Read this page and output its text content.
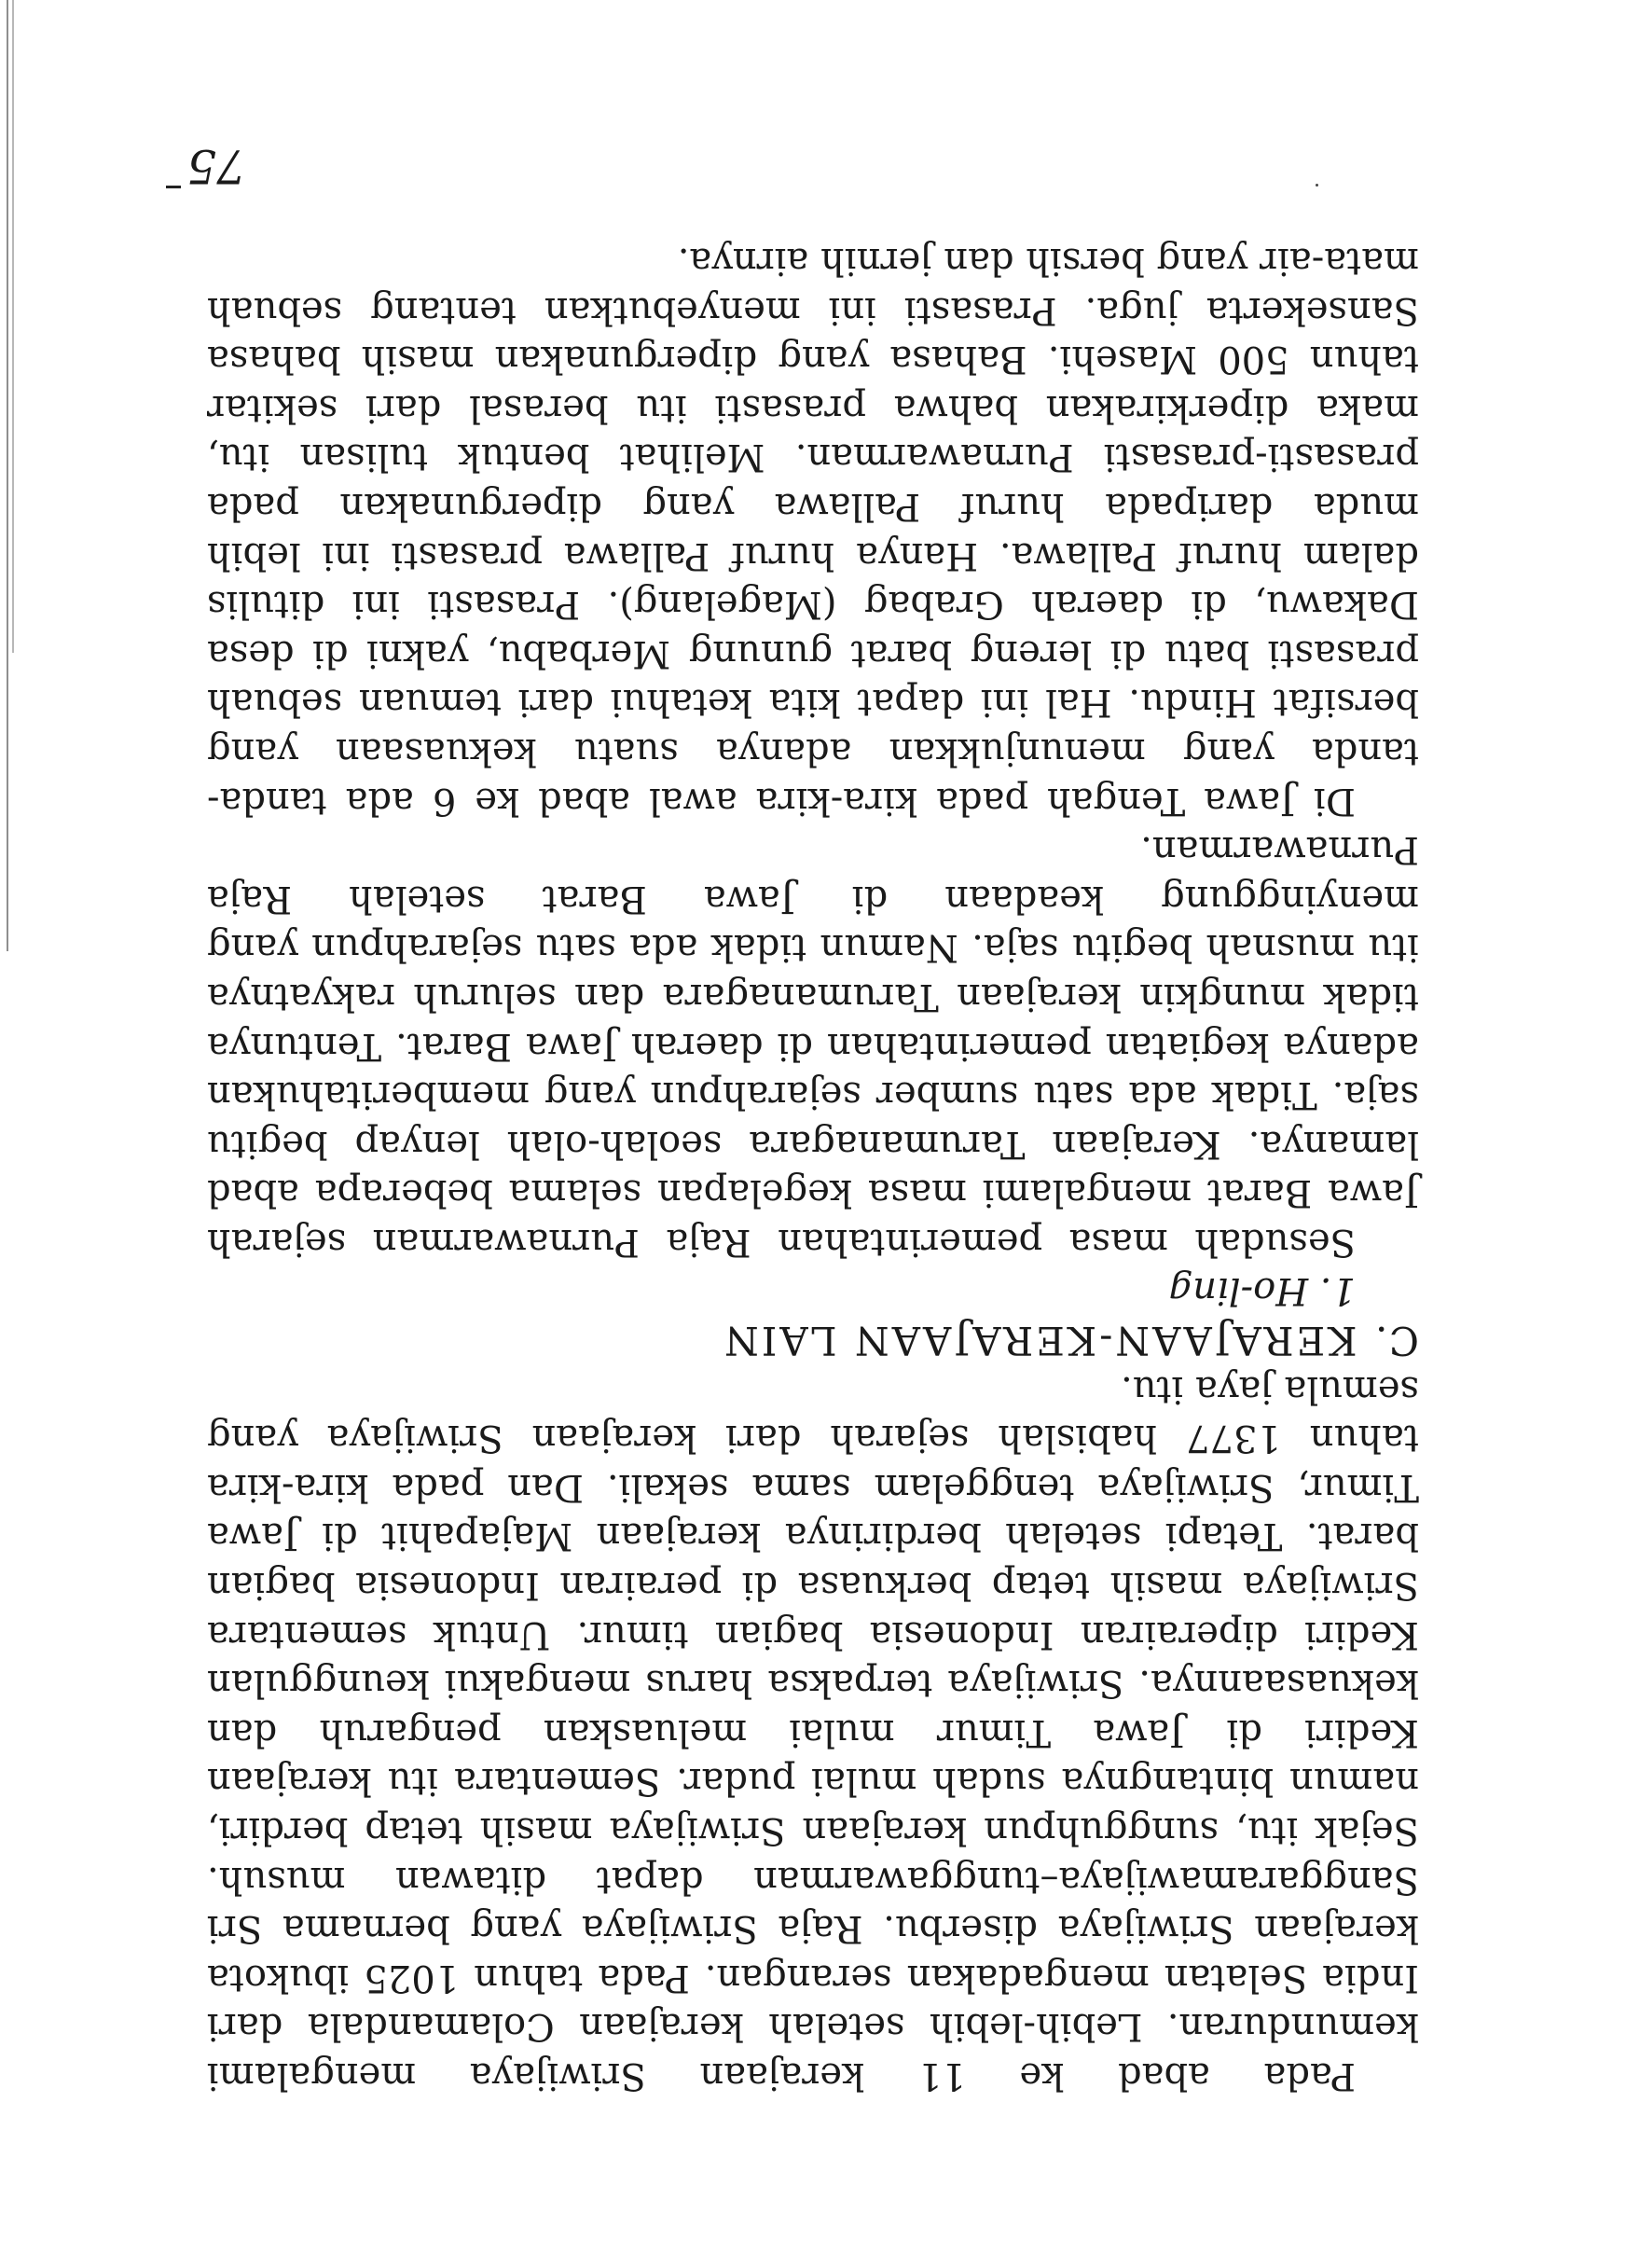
Pada abad ke 11 kerajaan Sriwijaya mengalami kemunduran. Lebih-lebih setelah kerajaan Colamandala dari India Selatan mengadakan serangan. Pada tahun 1025 ibukota kerajaan Sriwijaya diserbu. Raja Sriwijaya yang bernama Sri Sanggaramawijaya–tunggawarman dapat ditawan musuh. Sejak itu, sungguhpun kerajaan Sriwijaya masih tetap berdiri, namun bintangnya sudah mulai pudar. Sementara itu kerajaan Kediri di Jawa Timur mulai meluaskan pengaruh dan kekuasaannya. Sriwijaya terpaksa harus mengakui keunggulan Kediri diperairan Indonesia bagian timur. Untuk sementara Sriwijaya masih tetap berkuasa di perairan Indonesia bagian barat. Tetapi setelah berdirinya kerajaan Majapahit di Jawa Timur, Sriwijaya tenggelam sama sekali. Dan pada kira-kira tahun 1377 habislah sejarah dari kerajaan Sriwijaya yang semula jaya itu.

C. KERAJAAN-KERAJAAN LAIN

1. Ho-ling

Sesudah masa pemerintahan Raja Purnawarman sejarah Jawa Barat mengalami masa kegelapan selama beberapa abad lamanya. Kerajaan Tarumanagara seolah-olah lenyap begitu saja. Tidak ada satu sumber sejarahpun yang memberitahukan adanya kegiatan pemerintahan di daerah Jawa Barat. Tentunya tidak mungkin kerajaan Tarumanagara dan seluruh rakyatnya itu musnah begitu saja. Namun tidak ada satu sejarahpun yang menyinggung keadaan di Jawa Barat setelah Raja Purnawarman.

Di Jawa Tengah pada kira-kira awal abad ke 6 ada tanda-tanda yang menunjukkan adanya suatu kekuasaan yang bersifat Hindu. Hal ini dapat kita ketahui dari temuan sebuah prasasti batu di lereng barat gunung Merbabu, yakni di desa Dakawu, di daerah Grabag (Magelang). Prasasti ini ditulis dalam huruf Pallawa. Hanya huruf Pallawa prasasti ini lebih muda daripada huruf Pallawa yang dipergunakan pada prasasti-prasasti Purnawarman. Melihat bentuk tulisan itu, maka diperkirakan bahwa prasasti itu berasal dari sekitar tahun 500 Masehi. Bahasa yang dipergunakan masih bahasa Sansekerta juga. Prasasti ini menyebutkan tentang sebuah mata-air yang bersih dan jernih airnya.

75
